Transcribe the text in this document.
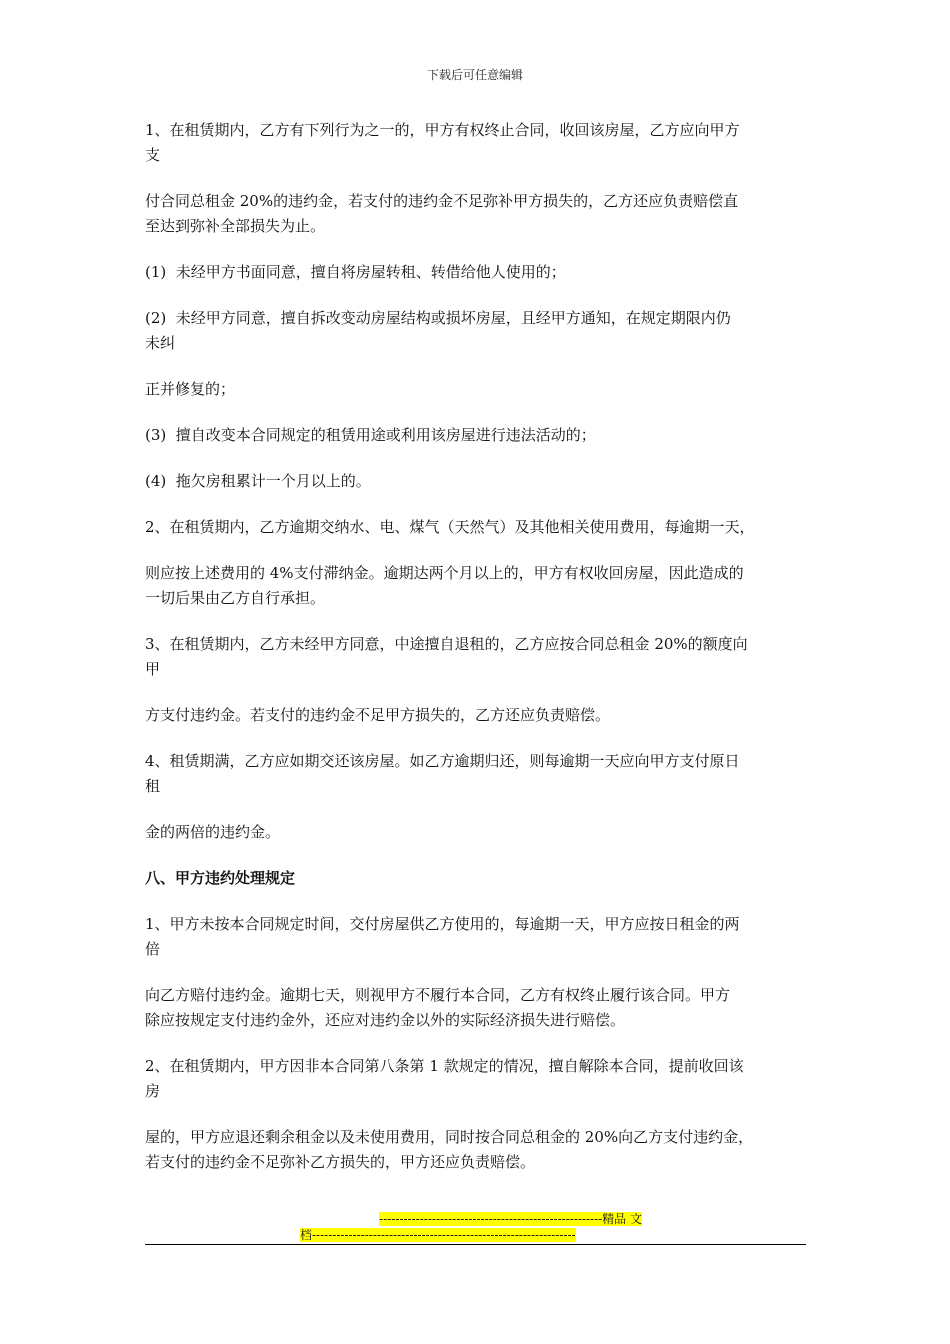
下载后可任意编辑

1、在租赁期内，乙方有下列行为之一的，甲方有权终止合同，收回该房屋，乙方应向甲方
支

付合同总租金 20%的违约金，若支付的违约金不足弥补甲方损失的，乙方还应负责赔偿直
至达到弥补全部损失为止。

(1)  未经甲方书面同意，擅自将房屋转租、转借给他人使用的；

(2)  未经甲方同意，擅自拆改变动房屋结构或损坏房屋，且经甲方通知，在规定期限内仍
未纠

正并修复的；

(3)  擅自改变本合同规定的租赁用途或利用该房屋进行违法活动的；

(4)  拖欠房租累计一个月以上的。

2、在租赁期内，乙方逾期交纳水、电、煤气（天然气）及其他相关使用费用，每逾期一天，

则应按上述费用的 4%支付滞纳金。逾期达两个月以上的，甲方有权收回房屋，因此造成的
一切后果由乙方自行承担。

3、在租赁期内，乙方未经甲方同意，中途擅自退租的，乙方应按合同总租金 20%的额度向
甲

方支付违约金。若支付的违约金不足甲方损失的，乙方还应负责赔偿。

4、租赁期满，乙方应如期交还该房屋。如乙方逾期归还，则每逾期一天应向甲方支付原日
租

金的两倍的违约金。

八、甲方违约处理规定

1、甲方未按本合同规定时间，交付房屋供乙方使用的，每逾期一天，甲方应按日租金的两
倍

向乙方赔付违约金。逾期七天，则视甲方不履行本合同，乙方有权终止履行该合同。甲方
除应按规定支付违约金外，还应对违约金以外的实际经济损失进行赔偿。

2、在租赁期内，甲方因非本合同第八条第 1 款规定的情况，擅自解除本合同，提前收回该
房

屋的，甲方应退还剩余租金以及未使用费用，同时按合同总租金的 20%向乙方支付违约金，
若支付的违约金不足弥补乙方损失的，甲方还应负责赔偿。

-------------------------------------------------------精品 文
档-----------------------------------------------------------------
